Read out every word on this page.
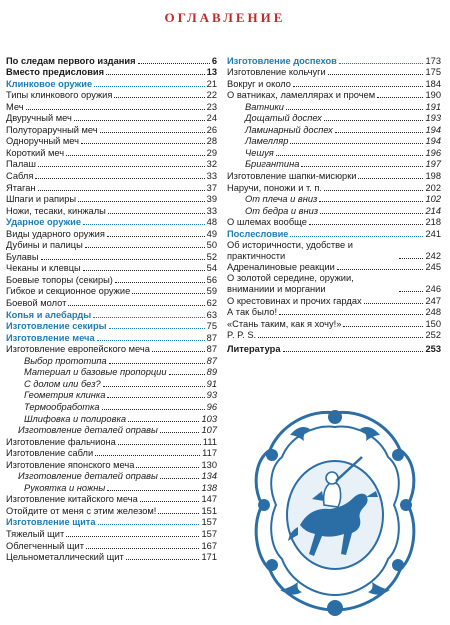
ОГЛАВЛЕНИЕ
По следам первого издания	6
Вместо предисловия	13
Клинковое оружие	21
Типы клинкового оружия	22
Меч	23
Двуручный меч	24
Полуторaручный меч	26
Одноручный меч	28
Короткий меч	29
Палаш	32
Сабля	33
Ятаган	37
Шпаги и рапиры	39
Ножи, тесаки, кинжалы	33
Ударное оружие	48
Виды ударного оружия	49
Дубины и палицы	50
Булавы	52
Чеканы и клевцы	54
Боевые топоры (секиры)	56
Гибкое и секционное оружие	59
Боевой молот	62
Копья и алебарды	63
Изготовление секиры	75
Изготовление меча	87
Изготовление европейского меча	87
Выбор прототипа	87
Материал и базовые пропорции	89
С долом или без?	91
Геометрия клинка	93
Термообработка	96
Шлифовка и полировка	103
Изготовление деталей оправы	107
Изготовление фальчиона	111
Изготовление сабли	117
Изготовление японского меча	130
Изготовление деталей оправы	134
Рукоятка и ножны	138
Изготовление китайского меча	147
Отойдите от меня с этим железом!	151
Изготовление щита	157
Тяжелый щит	157
Облегченный щит	167
Цельнометаллический щит	171
Изготовление доспехов	173
Изготовление кольчуги	175
Вокруг и около	184
О ватниках, ламеллярах и прочем	190
Ватники	191
Дощатый доспех	193
Ламинарный доспех	194
Ламелляр	194
Чешуя	196
Бригантина	197
Изготовление шапки-мисюрки	198
Наручи, поножи и т. п.	202
От плеча и вниз	102
От бедра и вниз	214
О шлемах вообще	218
Послесловие	241
Об историчности, удобстве и практичности	242
Адреналиновые реакции	245
О золотой середине, оружии, вниманиии и моргании	246
О крестовинах и прочих гардах	247
А так было!	248
«Стань таким, как я хочу!»	150
P. P. S.	252
Литература	253
